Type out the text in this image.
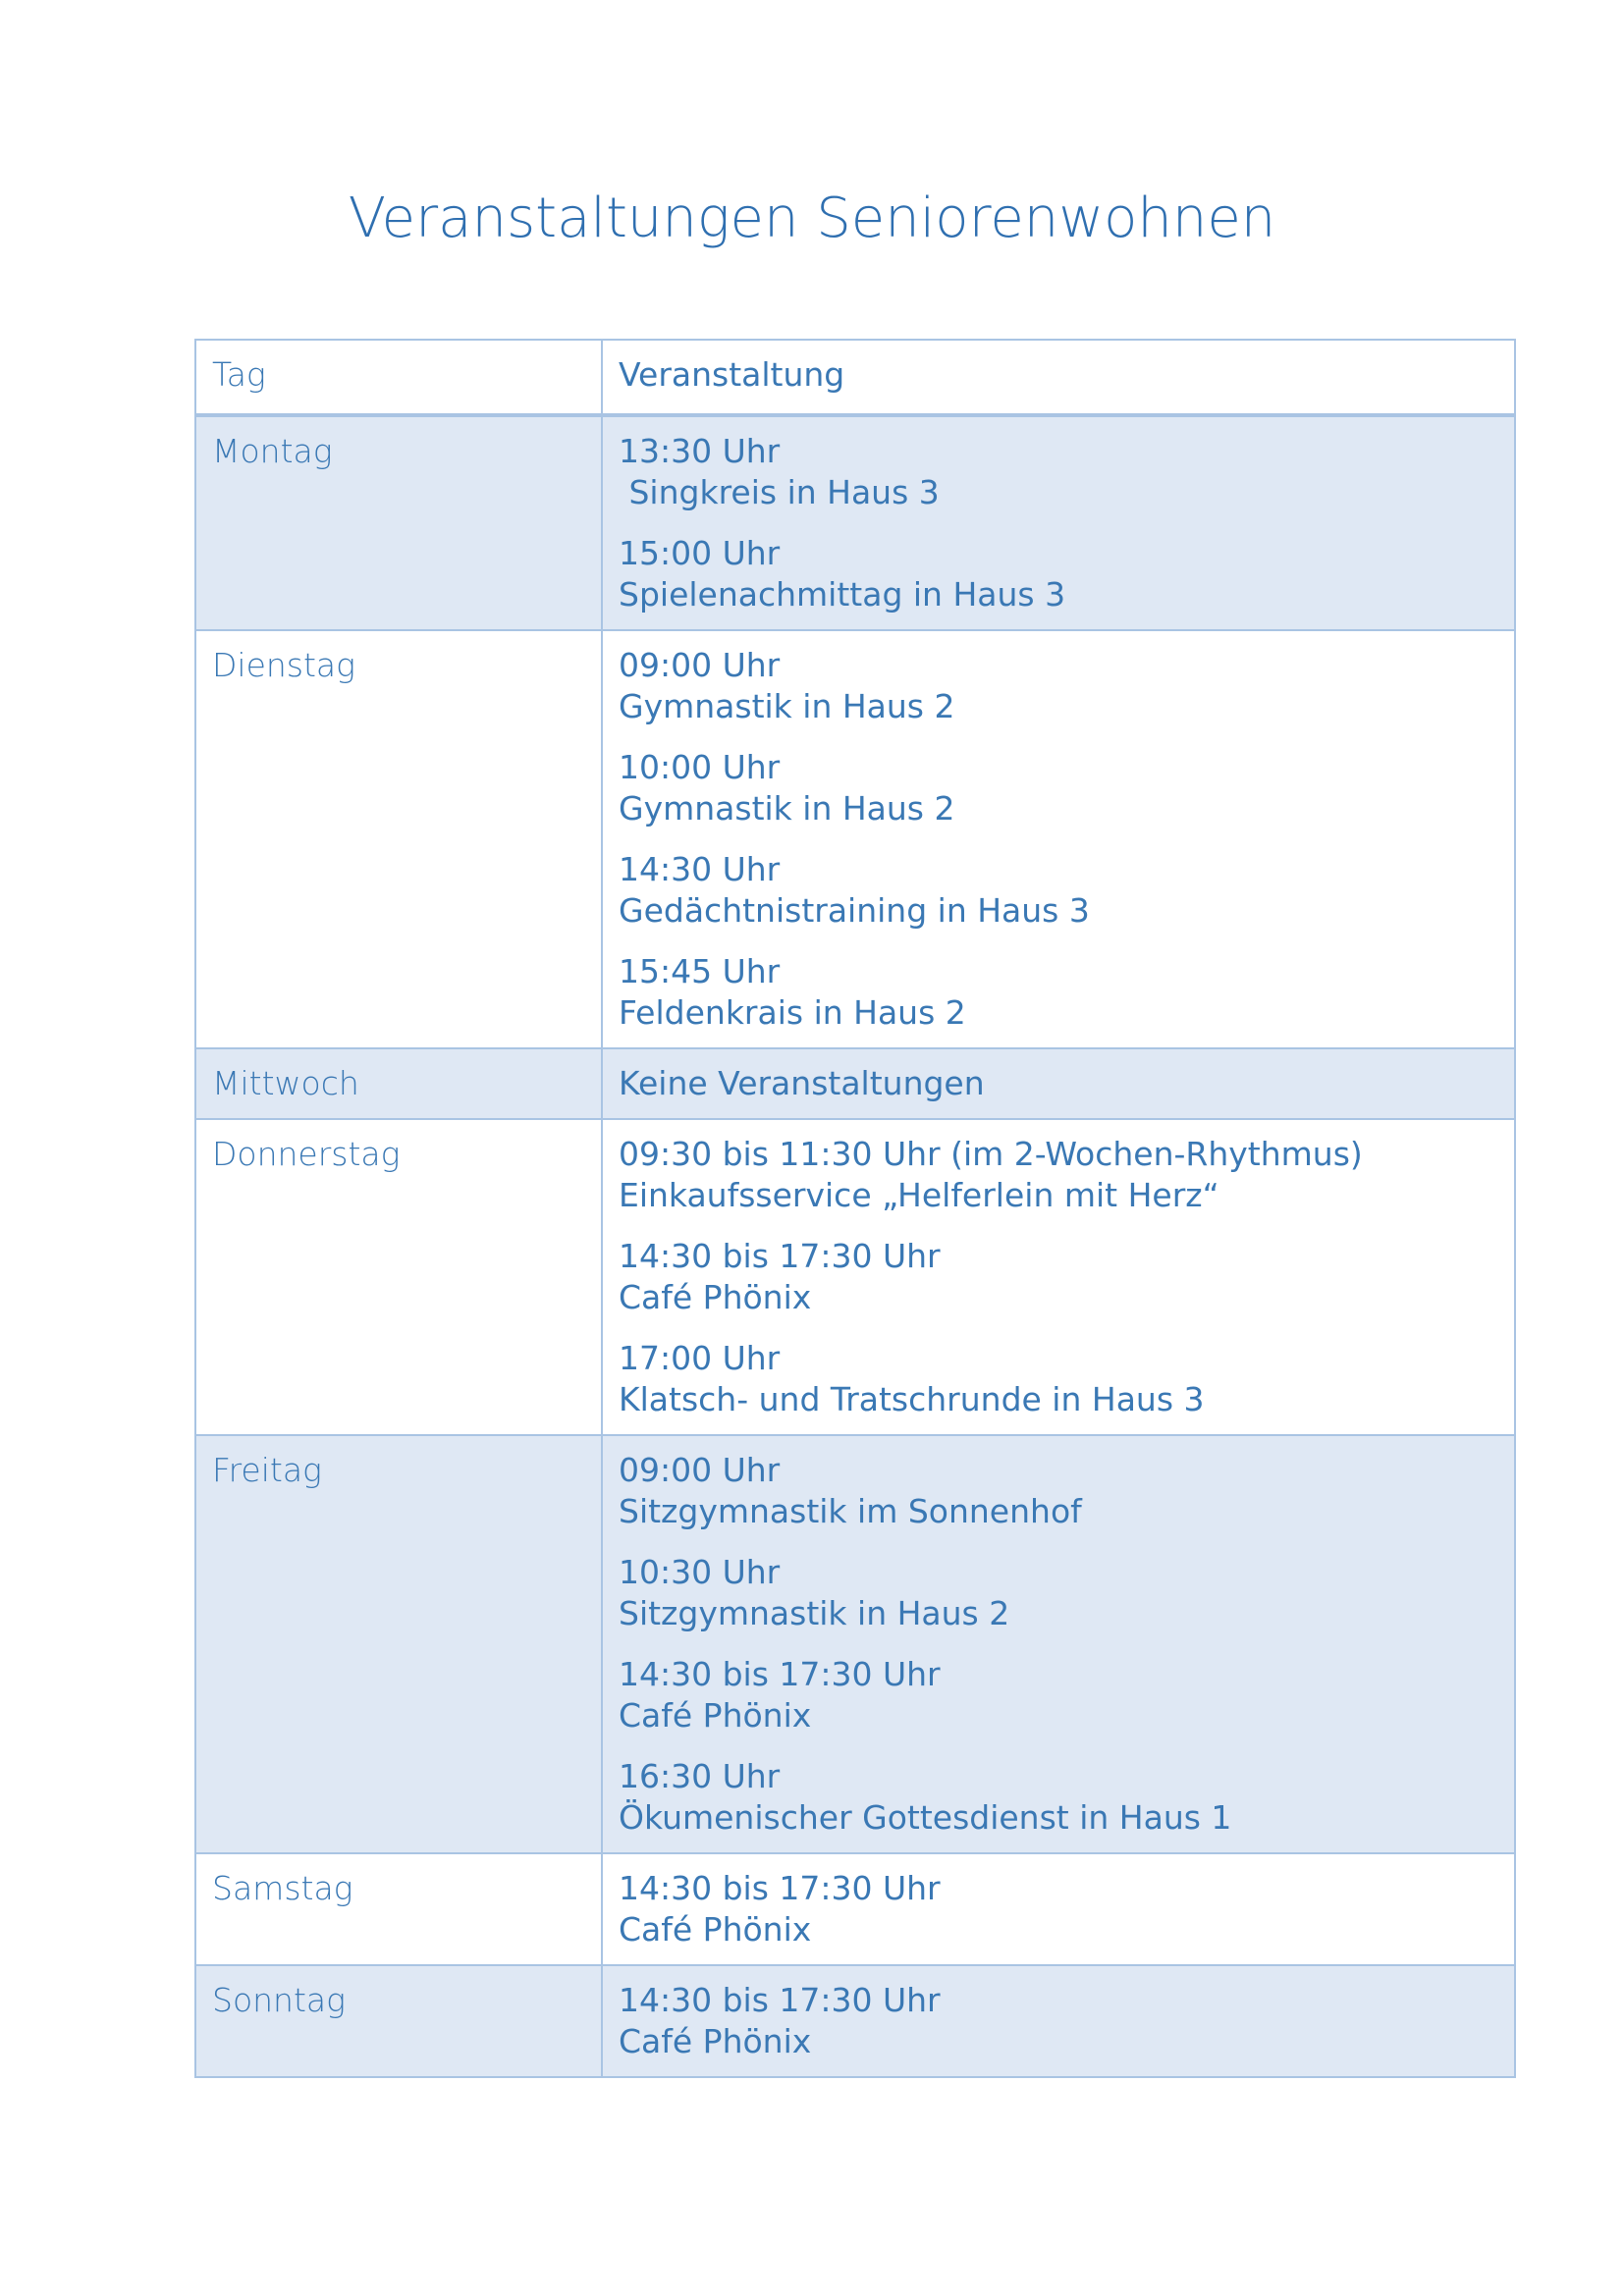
Veranstaltungen Seniorenwohnen
Tag	Veranstaltung
Montag	13:30 Uhr
Singkreis in Haus 3
15:00 Uhr
Spielenachmittag in Haus 3
Dienstag	09:00 Uhr
Gymnastik in Haus 2
10:00 Uhr
Gymnastik in Haus 2
14:30 Uhr
Gedächtnistraining in Haus 3
15:45 Uhr
Feldenkrais in Haus 2
Mittwoch	Keine Veranstaltungen
Donnerstag	09:30 bis 11:30 Uhr (im 2-Wochen-Rhythmus)
Einkaufsservice „Helferlein mit Herz“
14:30 bis 17:30 Uhr
Café Phönix
17:00 Uhr
Klatsch- und Tratschrunde in Haus 3
Freitag	09:00 Uhr
Sitzgymnastik im Sonnenhof
10:30 Uhr
Sitzgymnastik in Haus 2
14:30 bis 17:30 Uhr
Café Phönix
16:30 Uhr
Ökumenischer Gottesdienst in Haus 1
Samstag	14:30 bis 17:30 Uhr
Café Phönix
Sonntag	14:30 bis 17:30 Uhr
Café Phönix
